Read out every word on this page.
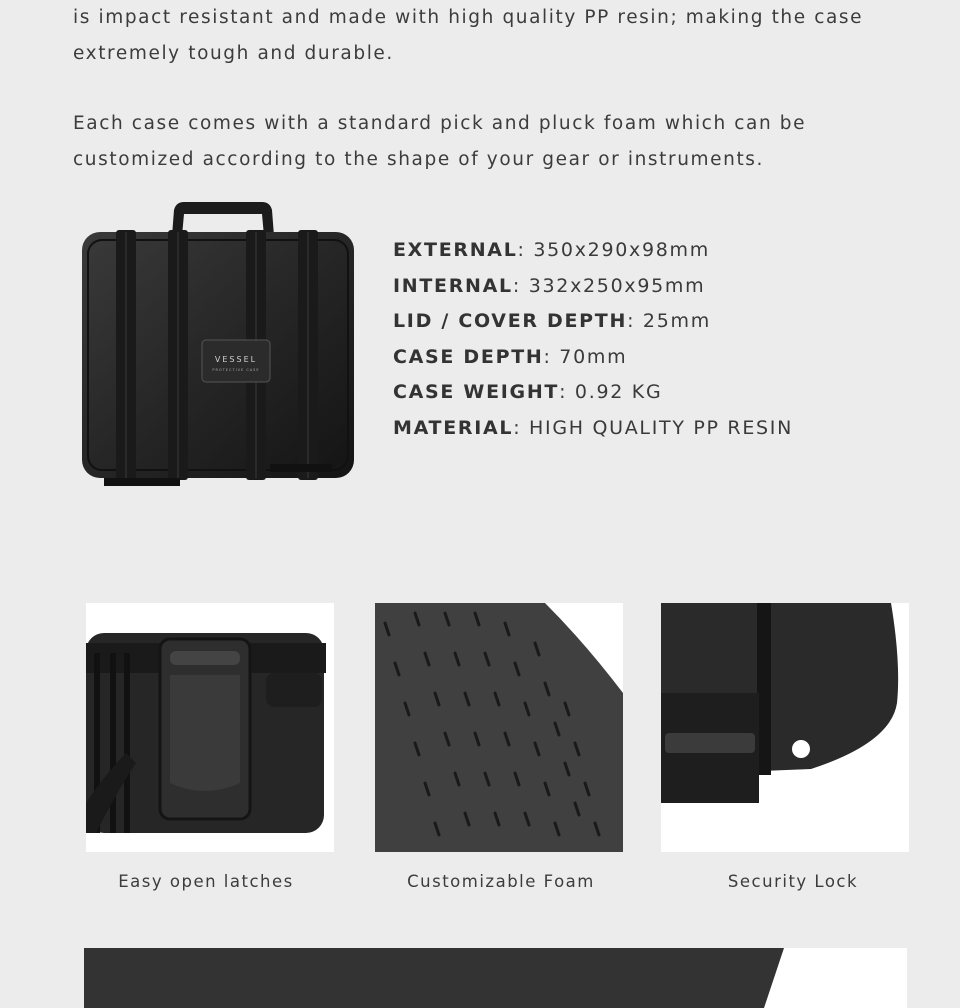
is impact resistant and made with high quality PP resin; making the case extremely tough and durable.

Each case comes with a standard pick and pluck foam which can be customized according to the shape of your gear or instruments.

VESSEL
PROTECTIVE CASE
EXTERNAL: 350x290x98mm
INTERNAL: 332x250x95mm
LID / COVER DEPTH: 25mm
CASE DEPTH: 70mm
CASE WEIGHT: 0.92 KG
MATERIAL: HIGH QUALITY PP RESIN
Easy open latches	Customizable Foam	Security Lock
